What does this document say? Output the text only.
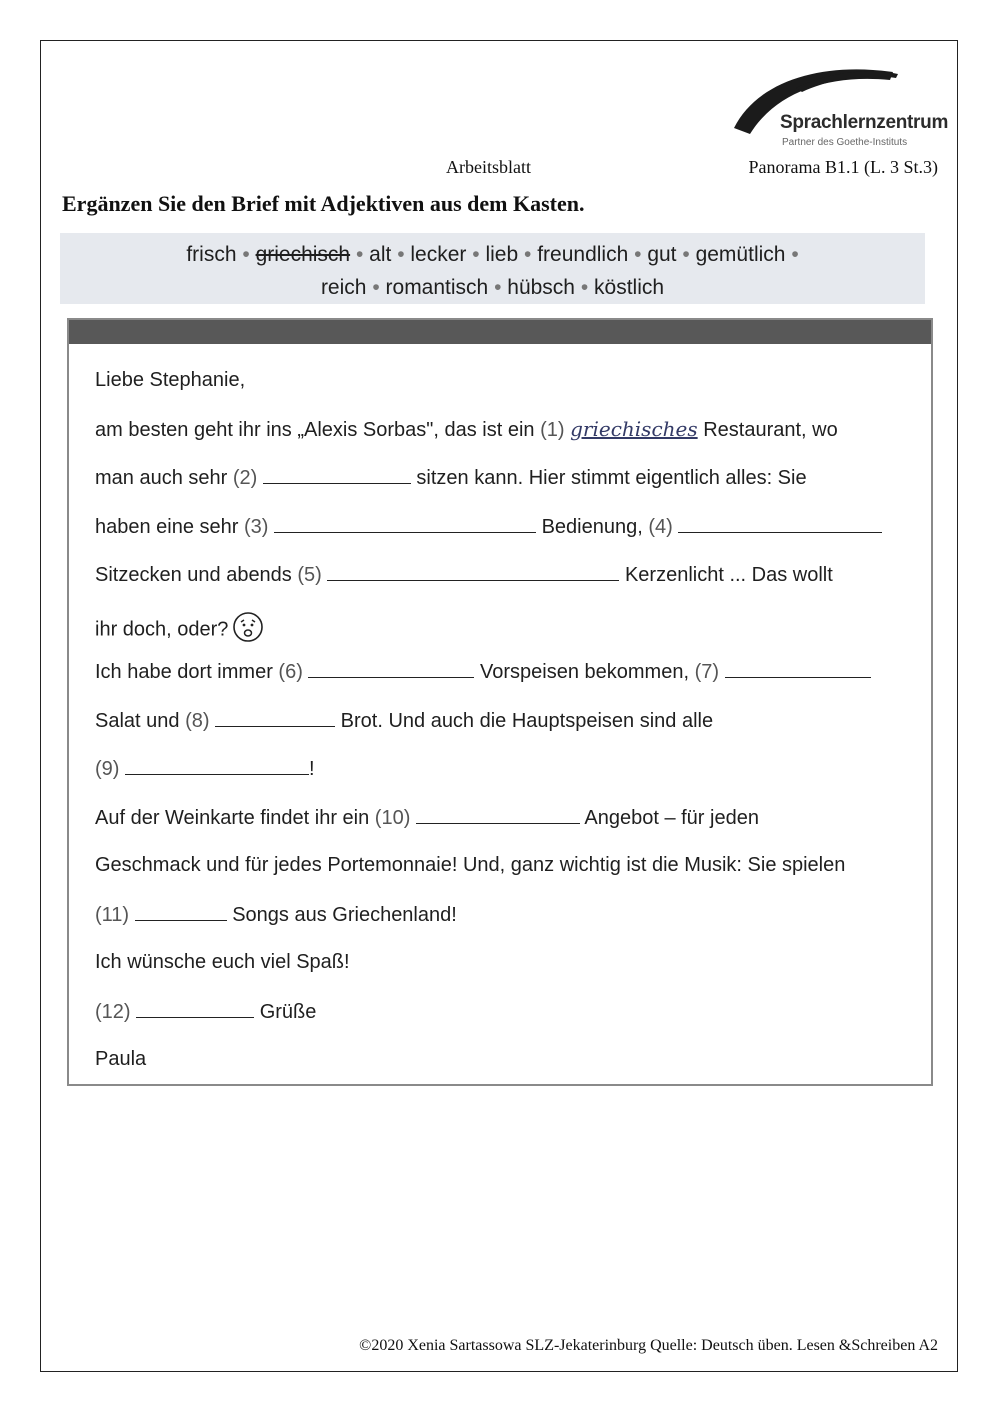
Sprachlernzentrum
Partner des Goethe-Instituts
Arbeitsblatt	Panorama B1.1 (L. 3 St.3)
Ergänzen Sie den Brief mit Adjektiven aus dem Kasten.
frisch • griechisch • alt • lecker • lieb • freundlich • gut • gemütlich •
reich • romantisch • hübsch • köstlich
Liebe Stephanie,
am besten geht ihr ins „Alexis Sorbas", das ist ein (1) griechisches Restaurant, wo
man auch sehr (2)	sitzen kann. Hier stimmt eigentlich alles: Sie
haben eine sehr (3)	Bedienung, (4)
Sitzecken und abends (5)	Kerzenlicht ... Das wollt
ihr doch, oder?
Ich habe dort immer (6)	Vorspeisen bekommen, (7)
Salat und (8)	Brot. Und auch die Hauptspeisen sind alle
(9)	!
Auf der Weinkarte findet ihr ein (10)	Angebot – für jeden
Geschmack und für jedes Portemonnaie! Und, ganz wichtig ist die Musik: Sie spielen
(11)	Songs aus Griechenland!
Ich wünsche euch viel Spaß!
(12)	Grüße
Paula
©2020 Xenia Sartassowa SLZ-Jekaterinburg Quelle: Deutsch üben. Lesen &Schreiben A2
